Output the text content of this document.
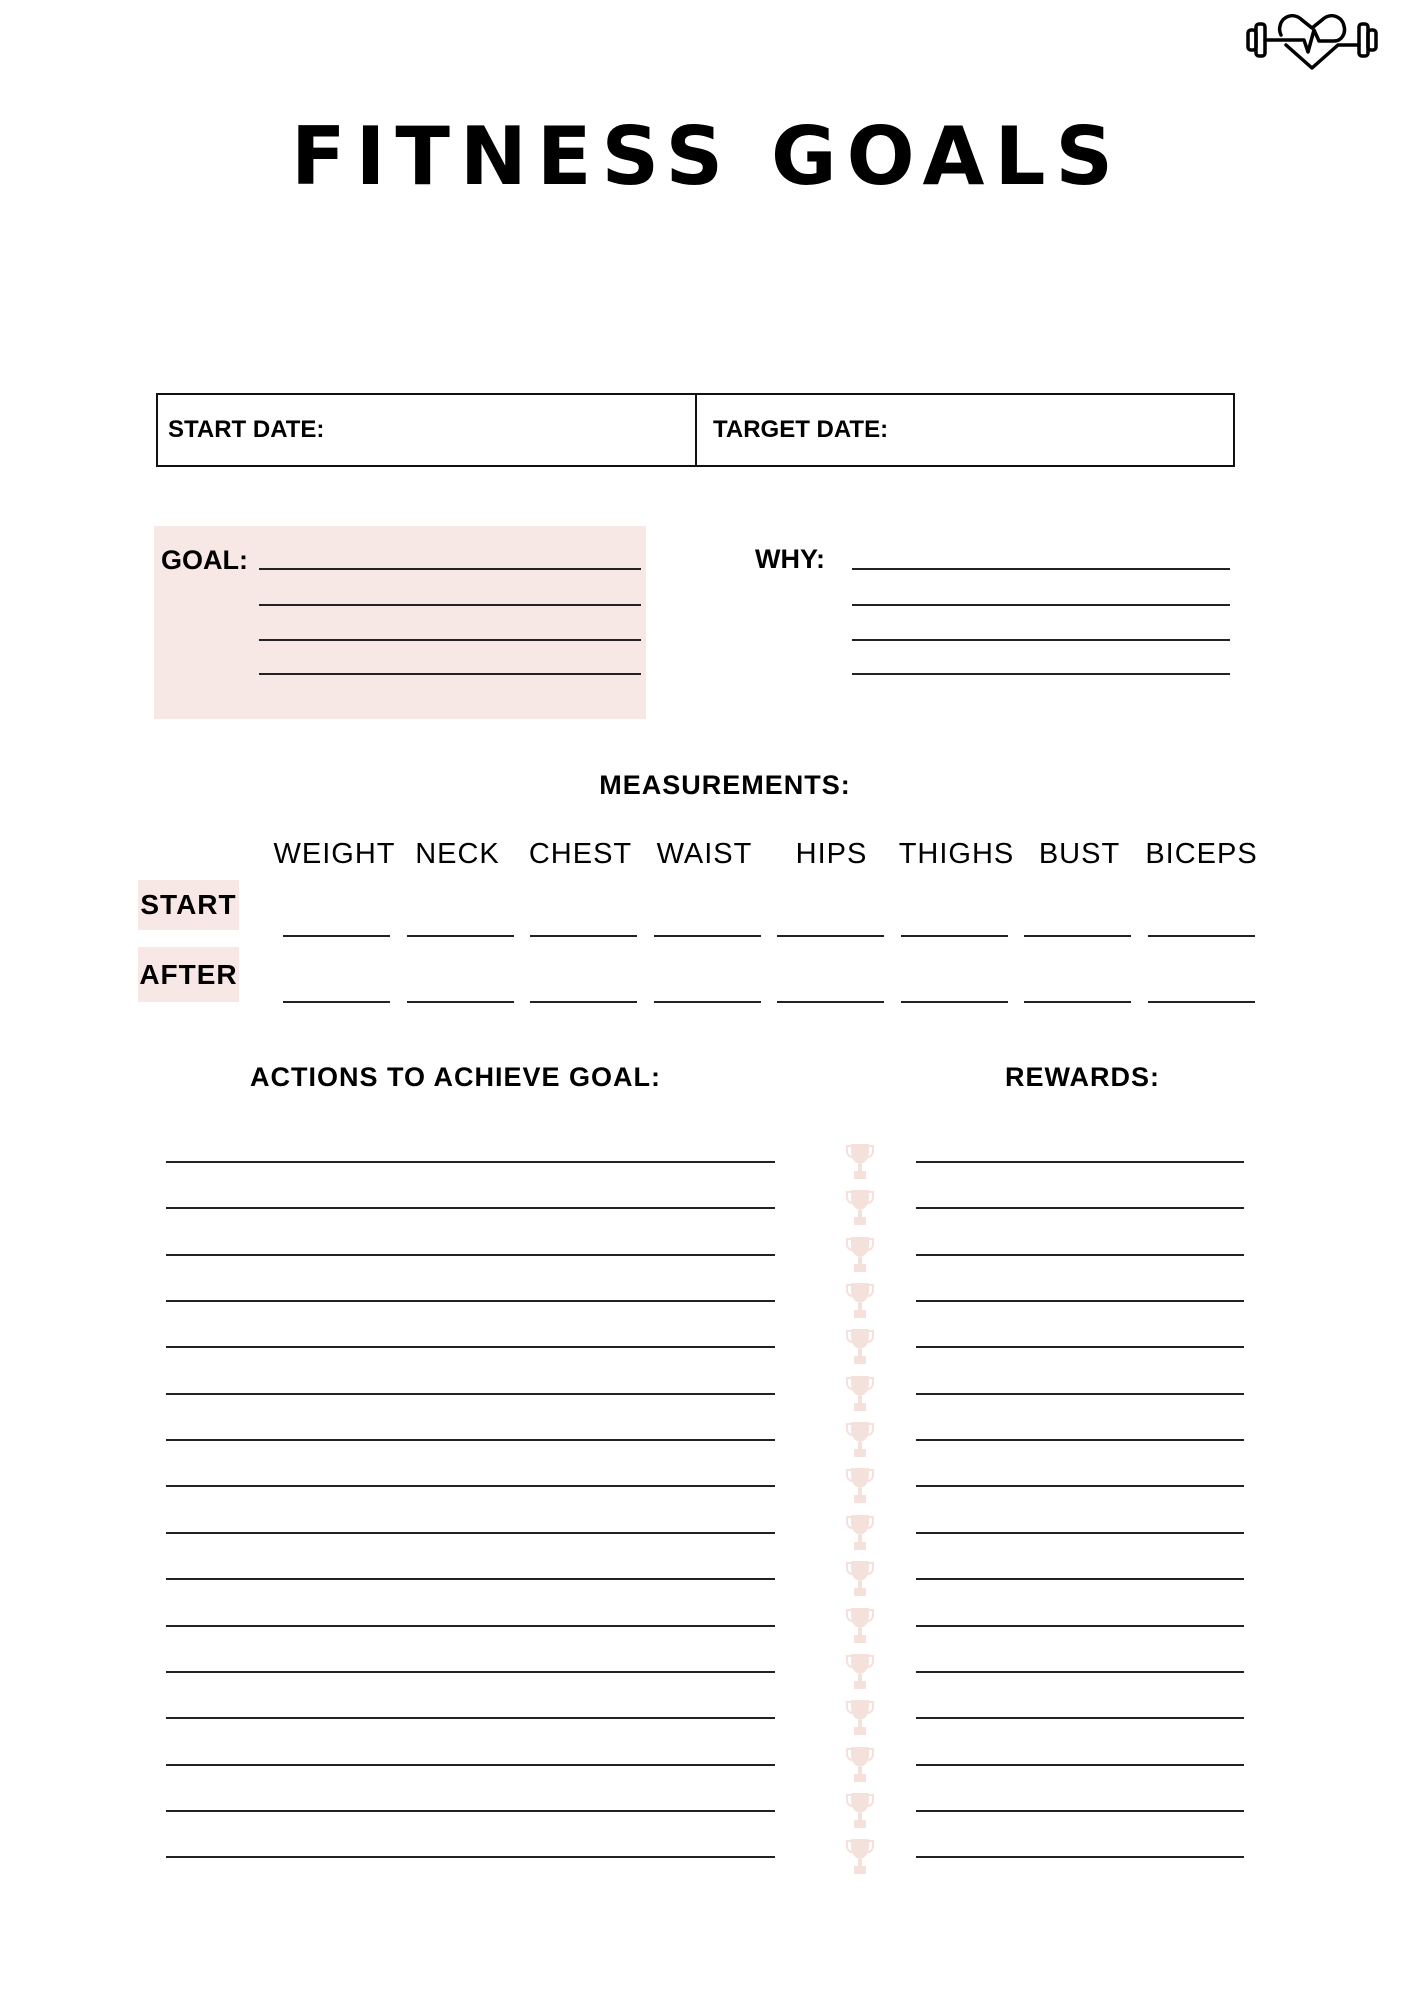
FITNESS GOALS
START DATE:	TARGET DATE:
GOAL:	WHY:
MEASUREMENTS:
WEIGHT NECK	CHEST WAIST	HIPS	THIGHS BUST BICEPS
START
AFTER
ACTIONS TO ACHIEVE GOAL:	REWARDS:
